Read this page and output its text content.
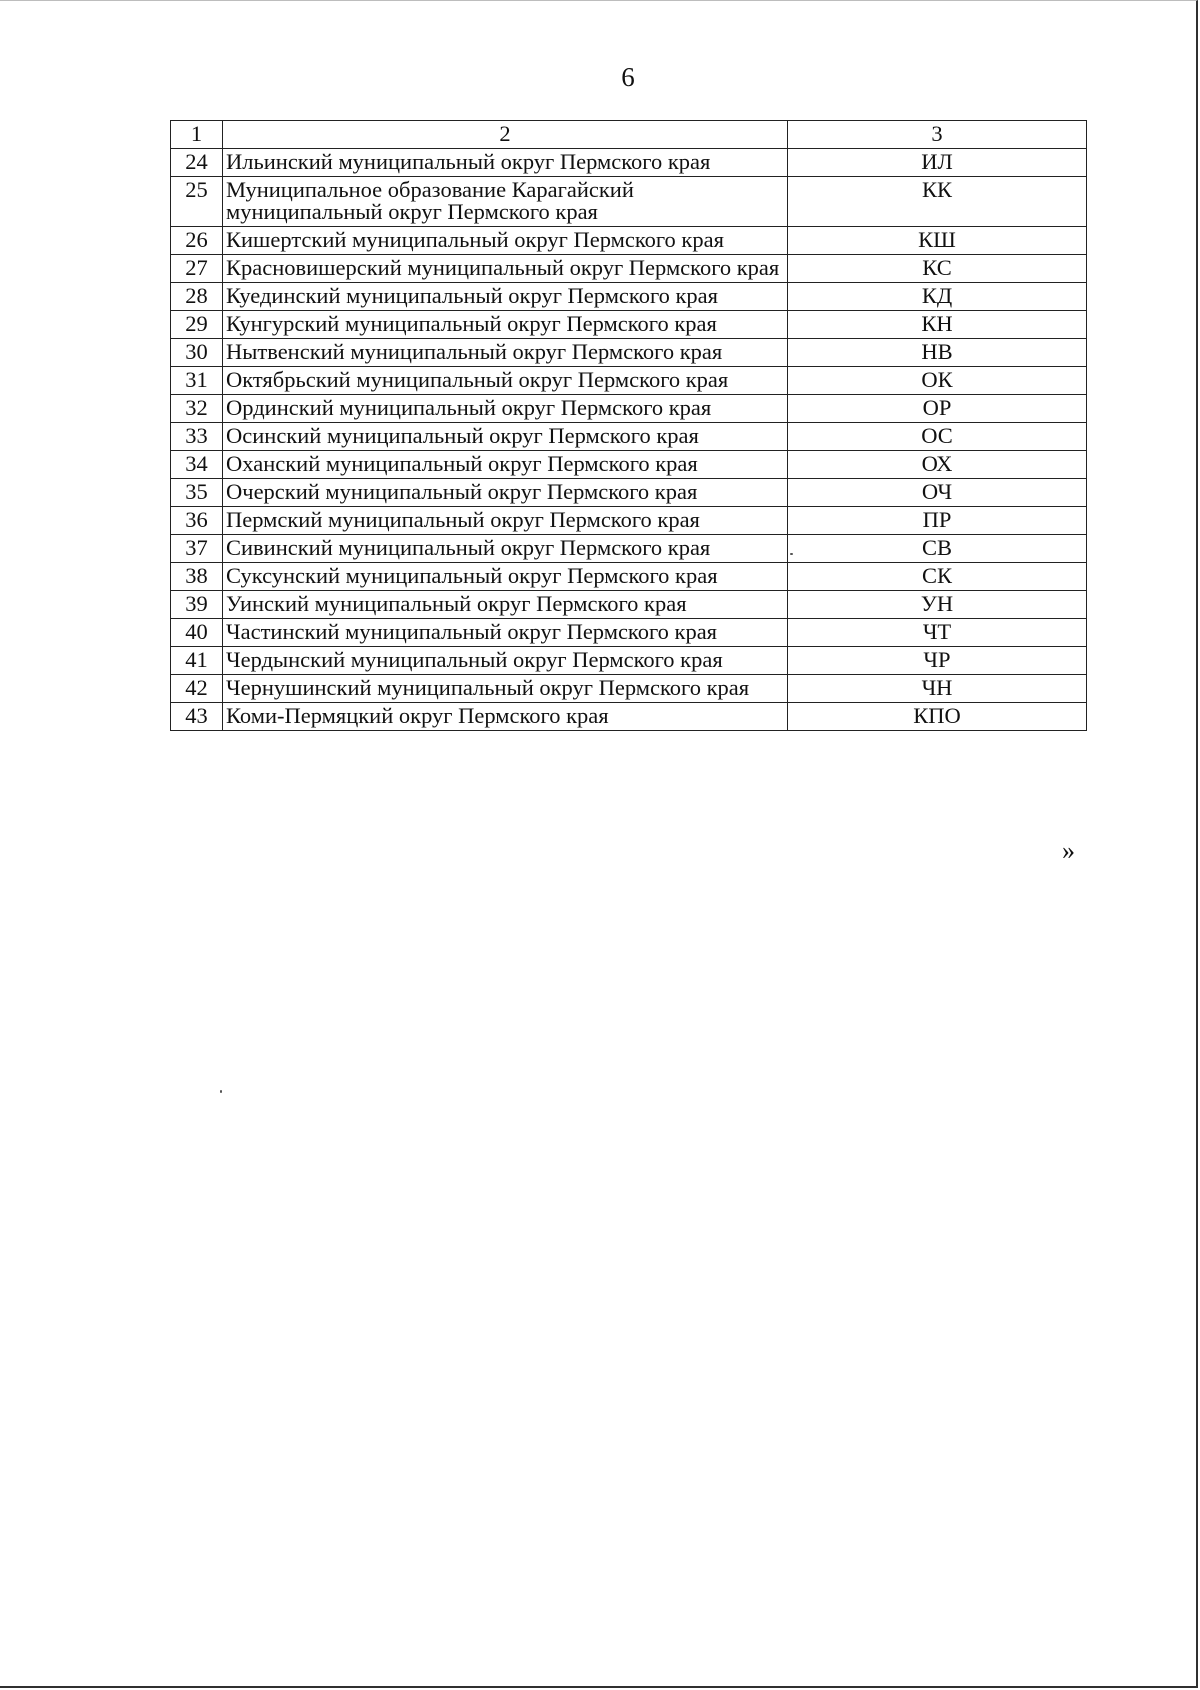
6
1	2	3
24	Ильинский муниципальный округ Пермского края	ИЛ
25	Муниципальное образование Карагайский муниципальный округ Пермского края	КК
26	Кишертский муниципальный округ Пермского края	КШ
27	Красновишерский муниципальный округ Пермского края	КС
28	Куединский муниципальный округ Пермского края	КД
29	Кунгурский муниципальный округ Пермского края	КН
30	Нытвенский муниципальный округ Пермского края	НВ
31	Октябрьский муниципальный округ Пермского края	ОК
32	Ординский муниципальный округ Пермского края	ОР
33	Осинский муниципальный округ Пермского края	ОС
34	Оханский муниципальный округ Пермского края	ОХ
35	Очерский муниципальный округ Пермского края	ОЧ
36	Пермский муниципальный округ Пермского края	ПР
37	Сивинский муниципальный округ Пермского края	СВ
38	Суксунский муниципальный округ Пермского края	СК
39	Уинский муниципальный округ Пермского края	УН
40	Частинский муниципальный округ Пермского края	ЧТ
41	Чердынский муниципальный округ Пермского края	ЧР
42	Чернушинский муниципальный округ Пермского края	ЧН
43	Коми-Пермяцкий округ Пермского края	КПО
»
